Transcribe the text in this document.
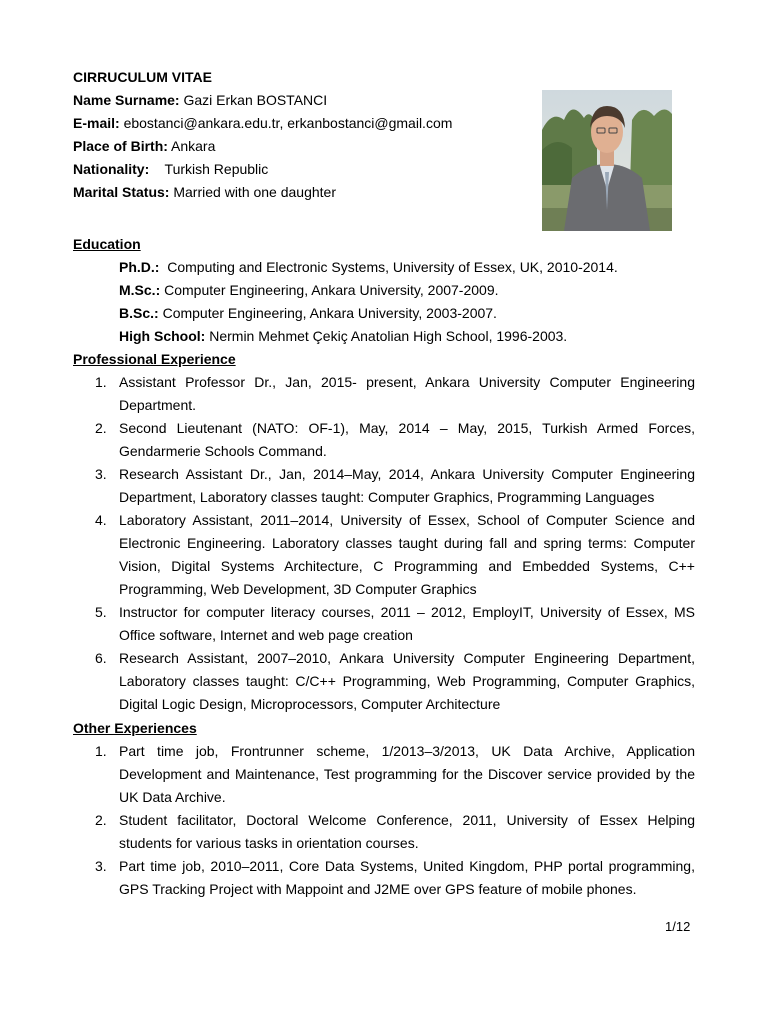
CIRRUCULUM VITAE
Name Surname: Gazi Erkan BOSTANCI
E-mail: ebostanci@ankara.edu.tr, erkanbostanci@gmail.com
Place of Birth: Ankara
Nationality:    Turkish Republic
Marital Status: Married with one daughter
Education
Ph.D.:  Computing and Electronic Systems, University of Essex, UK, 2010-2014.
M.Sc.: Computer Engineering, Ankara University, 2007-2009.
B.Sc.: Computer Engineering, Ankara University, 2003-2007.
High School: Nermin Mehmet Çekiç Anatolian High School, 1996-2003.
Professional Experience
1. Assistant Professor Dr., Jan, 2015- present, Ankara University Computer Engineering Department.
2. Second Lieutenant (NATO: OF-1), May, 2014 – May, 2015, Turkish Armed Forces, Gendarmerie Schools Command.
3. Research Assistant Dr., Jan, 2014–May, 2014, Ankara University Computer Engineering Department, Laboratory classes taught: Computer Graphics, Programming Languages
4. Laboratory Assistant, 2011–2014, University of Essex, School of Computer Science and Electronic Engineering. Laboratory classes taught during fall and spring terms: Computer Vision, Digital Systems Architecture, C Programming and Embedded Systems, C++ Programming, Web Development, 3D Computer Graphics
5. Instructor for computer literacy courses, 2011 – 2012, EmployIT, University of Essex, MS Office software, Internet and web page creation
6. Research Assistant, 2007–2010, Ankara University Computer Engineering Department, Laboratory classes taught: C/C++ Programming, Web Programming, Computer Graphics, Digital Logic Design, Microprocessors, Computer Architecture
Other Experiences
1. Part time job, Frontrunner scheme, 1/2013–3/2013, UK Data Archive, Application Development and Maintenance, Test programming for the Discover service provided by the UK Data Archive.
2. Student facilitator, Doctoral Welcome Conference, 2011, University of Essex Helping students for various tasks in orientation courses.
3. Part time job, 2010–2011, Core Data Systems, United Kingdom, PHP portal programming, GPS Tracking Project with Mappoint and J2ME over GPS feature of mobile phones.
1/12
